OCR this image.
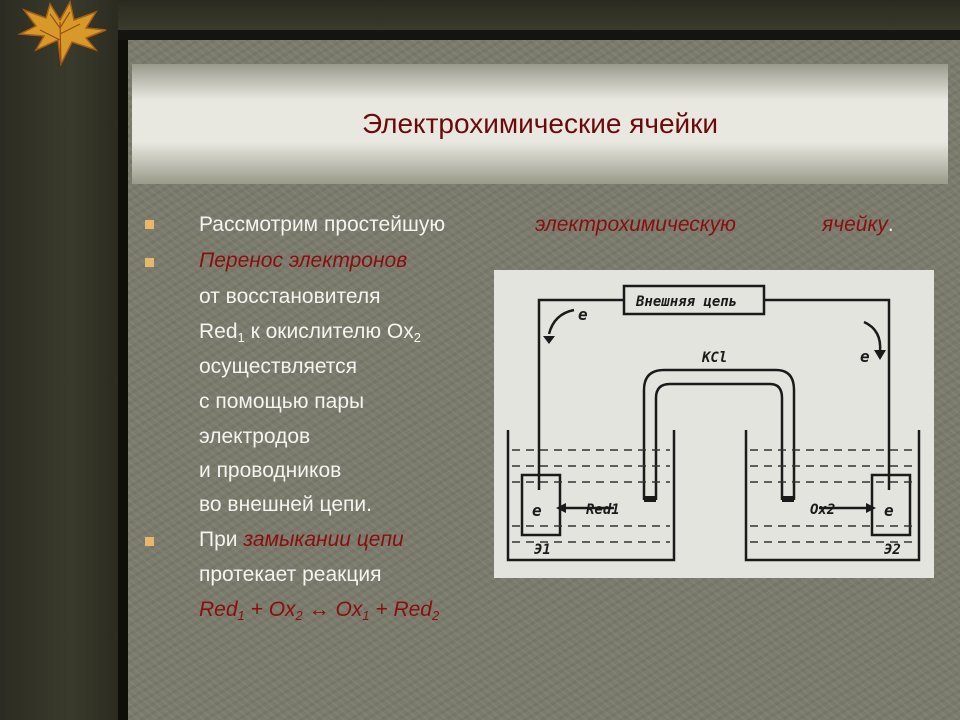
Электрохимические ячейки
Рассмотрим простейшую	электрохимическую	ячейку.
Перенос электронов
от восстановителя
Red$_1$ к окислителю $Ox_2$
осуществляется
с помощью пары
электродов
и проводников
во внешней цепи.
При замыкании цепи
протекает реакция
$Red_1 + Ox_2$ ↔ $Ox_1 + Red_2$
Внешняя цепь
KCl
e
e
e	e
Red1	Ox2
Э1	Э2
